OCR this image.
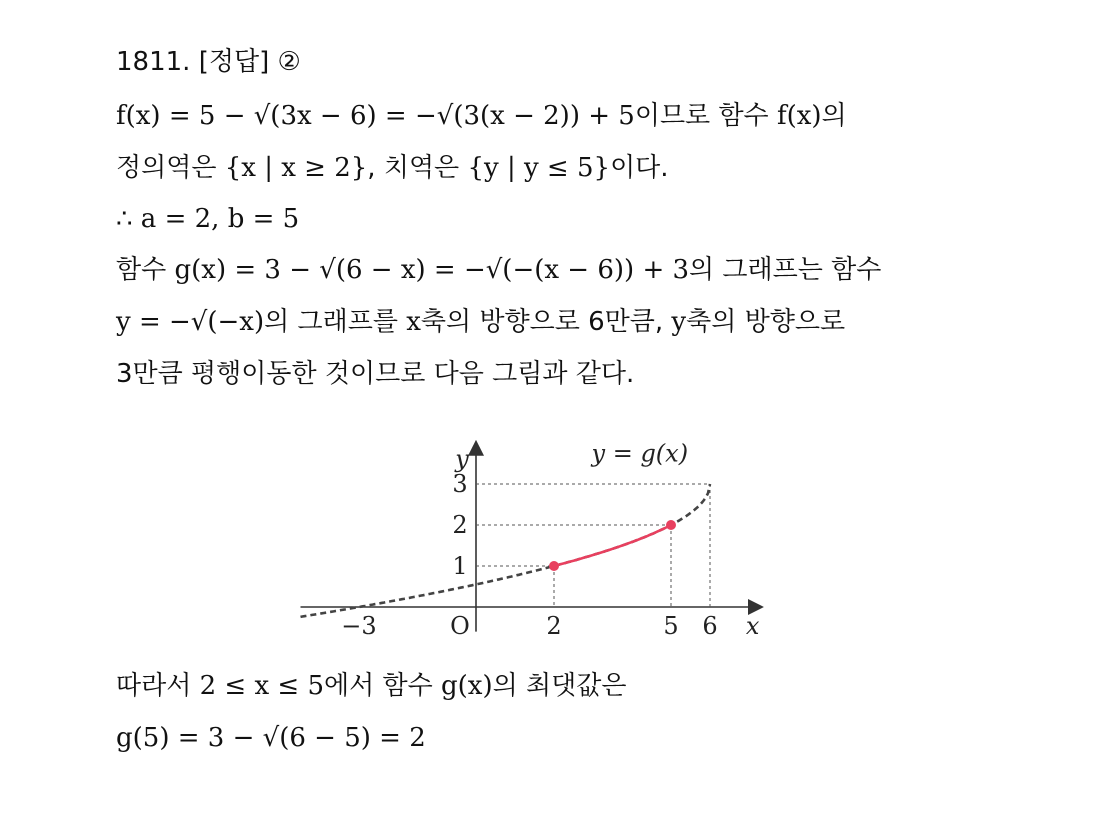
1811. [정답] ②
f(x) = 5 − √(3x − 6) = −√(3(x − 2)) + 5이므로 함수 f(x)의
정의역은 {x | x ≥ 2}, 치역은 {y | y ≤ 5}이다.
∴ a = 2, b = 5
함수 g(x) = 3 − √(6 − x) = −√(−(x − 6)) + 3의 그래프는 함수
y = −√(−x)의 그래프를 x축의 방향으로 6만큼, y축의 방향으로
3만큼 평행이동한 것이므로 다음 그림과 같다.
x
y
O
−3	2	5 6
1
2
3
y = g(x)
따라서 2 ≤ x ≤ 5에서 함수 g(x)의 최댓값은
g(5) = 3 − √(6 − 5) = 2
